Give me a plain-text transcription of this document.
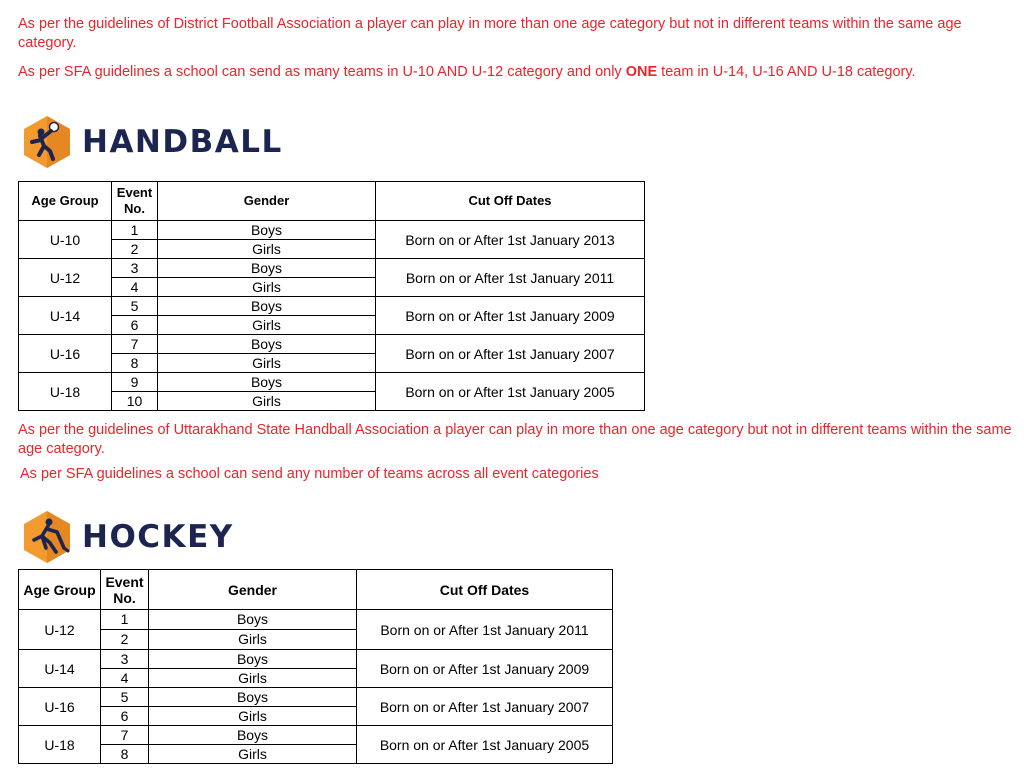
As per the guidelines of District Football Association a player can play in more than one age category but not in different teams within the same age category.

As per SFA guidelines a school can send as many teams in U-10 AND U-12 category and only ONE team in U-14, U-16 AND U-18 category.

HANDBALL
Age Group	Event No.	Gender	Cut Off Dates
U-10	1	Boys	Born on or After 1st January 2013
	2	Girls	
U-12	3	Boys	Born on or After 1st January 2011
	4	Girls	
U-14	5	Boys	Born on or After 1st January 2009
	6	Girls	
U-16	7	Boys	Born on or After 1st January 2007
	8	Girls	
U-18	9	Boys	Born on or After 1st January 2005
	10	Girls	

As per the guidelines of Uttarakhand State Handball Association a player can play in more than one age category but not in different teams within the same age category.

As per SFA guidelines a school can send any number of teams across all event categories

HOCKEY
Age Group	Event No.	Gender	Cut Off Dates
U-12	1	Boys	Born on or After 1st January 2011
	2	Girls	
U-14	3	Boys	Born on or After 1st January 2009
	4	Girls	
U-16	5	Boys	Born on or After 1st January 2007
	6	Girls	
U-18	7	Boys	Born on or After 1st January 2005
	8	Girls	
